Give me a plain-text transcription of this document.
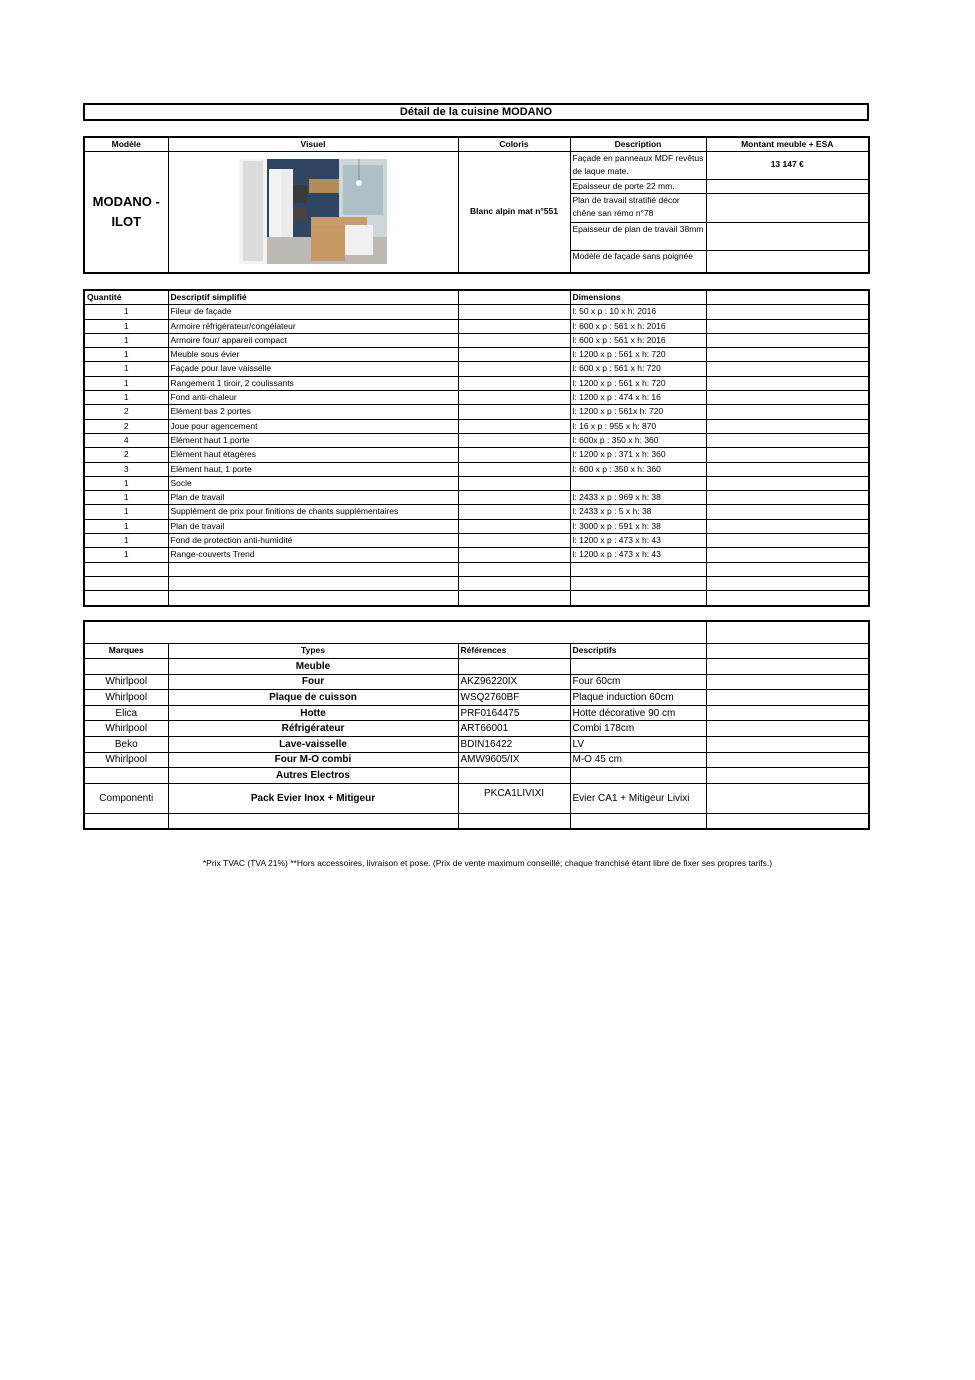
Détail de la cuisine MODANO
Modèle	Visuel	Coloris	Description	Montant meuble + ESA
MODANO - ILOT		Blanc alpin mat n°551	Façade en panneaux MDF revêtus de laque mate.	13 147 €
			Epaisseur de porte 22 mm.	
			Plan de travail stratifié décor chêne san rémo n°78	
			Epaisseur de plan de travail 38mm	
			Modèle de façade sans poignée	
Quantité	Descriptif simplifié		Dimensions	
1	Fileur de façade		l: 50 x p : 10 x h: 2016	
1	Armoire réfrigérateur/congélateur		l: 600 x p : 561 x h: 2016	
1	Armoire four/ appareil compact		l: 600 x p : 561 x h: 2016	
1	Meuble sous évier		l: 1200 x p : 561 x h: 720	
1	Façade pour lave vaisselle		l: 600 x p : 561 x h: 720	
1	Rangement 1 tiroir, 2 coulissants		l: 1200 x p : 561 x h: 720	
1	Fond anti-chaleur		l: 1200 x p : 474 x h: 16	
2	Elément bas 2 portes		l: 1200 x p : 561x h: 720	
2	Joue pour agencement		l: 16 x p : 955 x h: 870	
4	Elément haut 1 porte		l: 600x p : 350 x h: 360	
2	Elément haut étagères		l: 1200 x p : 371 x h: 360	
3	Elément haut, 1 porte		l: 600 x p : 350 x h: 360	
1	Socle			
1	Plan de travail		l: 2433 x p : 969 x h: 38	
1	Supplément de prix pour finitions de chants supplémentaires		l: 2433 x p : 5 x h: 38	
1	Plan de travail		l: 3000 x p : 591 x h: 38	
1	Fond de protection anti-humidité		l: 1200 x p : 473 x h: 43	
1	Range-couverts Trend		l: 1200 x p : 473 x h: 43	

Marques	Types	Références	Descriptifs	
	Meuble			
Whirlpool	Four	AKZ96220IX	Four 60cm	
Whirlpool	Plaque de cuisson	WSQ2760BF	Plaque induction 60cm	
Elica	Hotte	PRF0164475	Hotte décorative 90 cm	
Whirlpool	Réfrigérateur	ART66001	Combi 178cm	
Beko	Lave-vaisselle	BDIN16422	LV	
Whirlpool	Four M-O combi	AMW9605/IX	M-O 45 cm	
	Autres Electros			
Componenti	Pack Evier Inox + Mitigeur	PKCA1LIVIXI	Evier CA1 + Mitigeur Livixi	

*Prix TVAC (TVA 21%) **Hors accessoires, livraison et pose. (Prix de vente maximum conseillé; chaque franchisé étant libre de fixer ses propres tarifs.)
